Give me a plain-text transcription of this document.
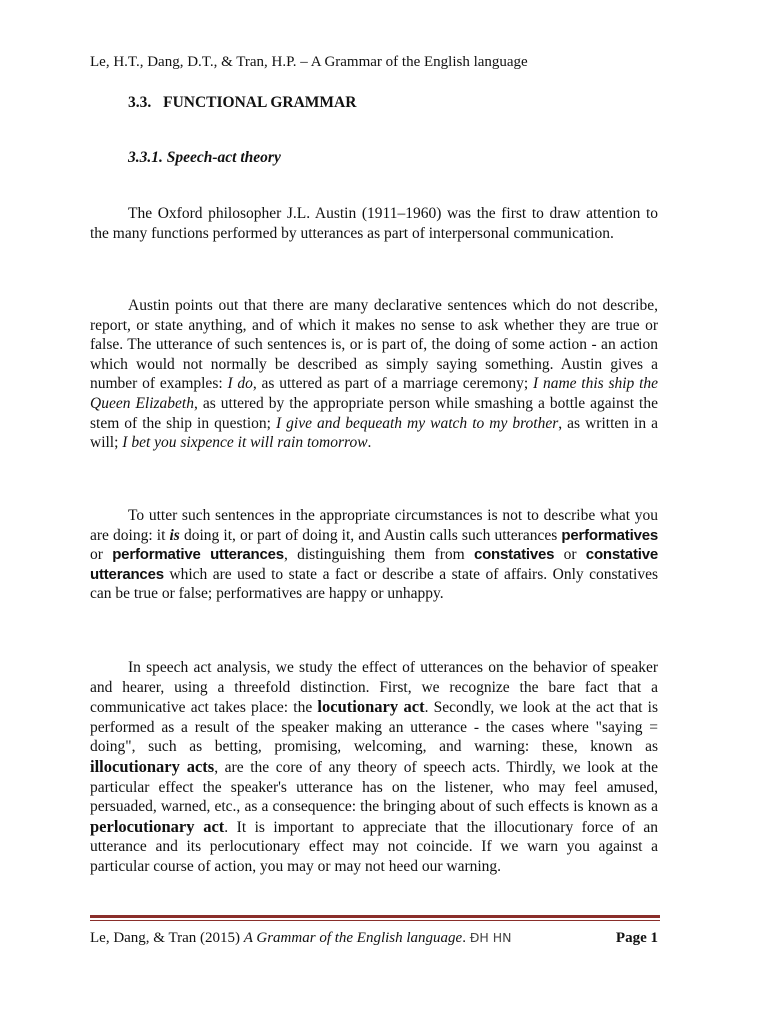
Le, H.T., Dang, D.T., & Tran, H.P. – A Grammar of the English language
3.3. FUNCTIONAL GRAMMAR
3.3.1. Speech-act theory

The Oxford philosopher J.L. Austin (1911–1960) was the first to draw attention to the many functions performed by utterances as part of interpersonal communication.

Austin points out that there are many declarative sentences which do not describe, report, or state anything, and of which it makes no sense to ask whether they are true or false. The utterance of such sentences is, or is part of, the doing of some action - an action which would not normally be described as simply saying something. Austin gives a number of examples: I do, as uttered as part of a marriage ceremony; I name this ship the Queen Elizabeth, as uttered by the appropriate person while smashing a bottle against the stem of the ship in question; I give and bequeath my watch to my brother, as written in a will; I bet you sixpence it will rain tomorrow.

To utter such sentences in the appropriate circumstances is not to describe what you are doing: it is doing it, or part of doing it, and Austin calls such utterances performatives or performative utterances, distinguishing them from constatives or constative utterances which are used to state a fact or describe a state of affairs. Only constatives can be true or false; performatives are happy or unhappy.

In speech act analysis, we study the effect of utterances on the behavior of speaker and hearer, using a threefold distinction. First, we recognize the bare fact that a communicative act takes place: the locutionary act. Secondly, we look at the act that is performed as a result of the speaker making an utterance - the cases where "saying = doing", such as betting, promising, welcoming, and warning: these, known as illocutionary acts, are the core of any theory of speech acts. Thirdly, we look at the particular effect the speaker's utterance has on the listener, who may feel amused, persuaded, warned, etc., as a consequence: the bringing about of such effects is known as a perlocutionary act. It is important to appreciate that the illocutionary force of an utterance and its perlocutionary effect may not coincide. If we warn you against a particular course of action, you may or may not heed our warning.

Le, Dang, & Tran (2015) A Grammar of the English language. ĐH HN	Page 1
